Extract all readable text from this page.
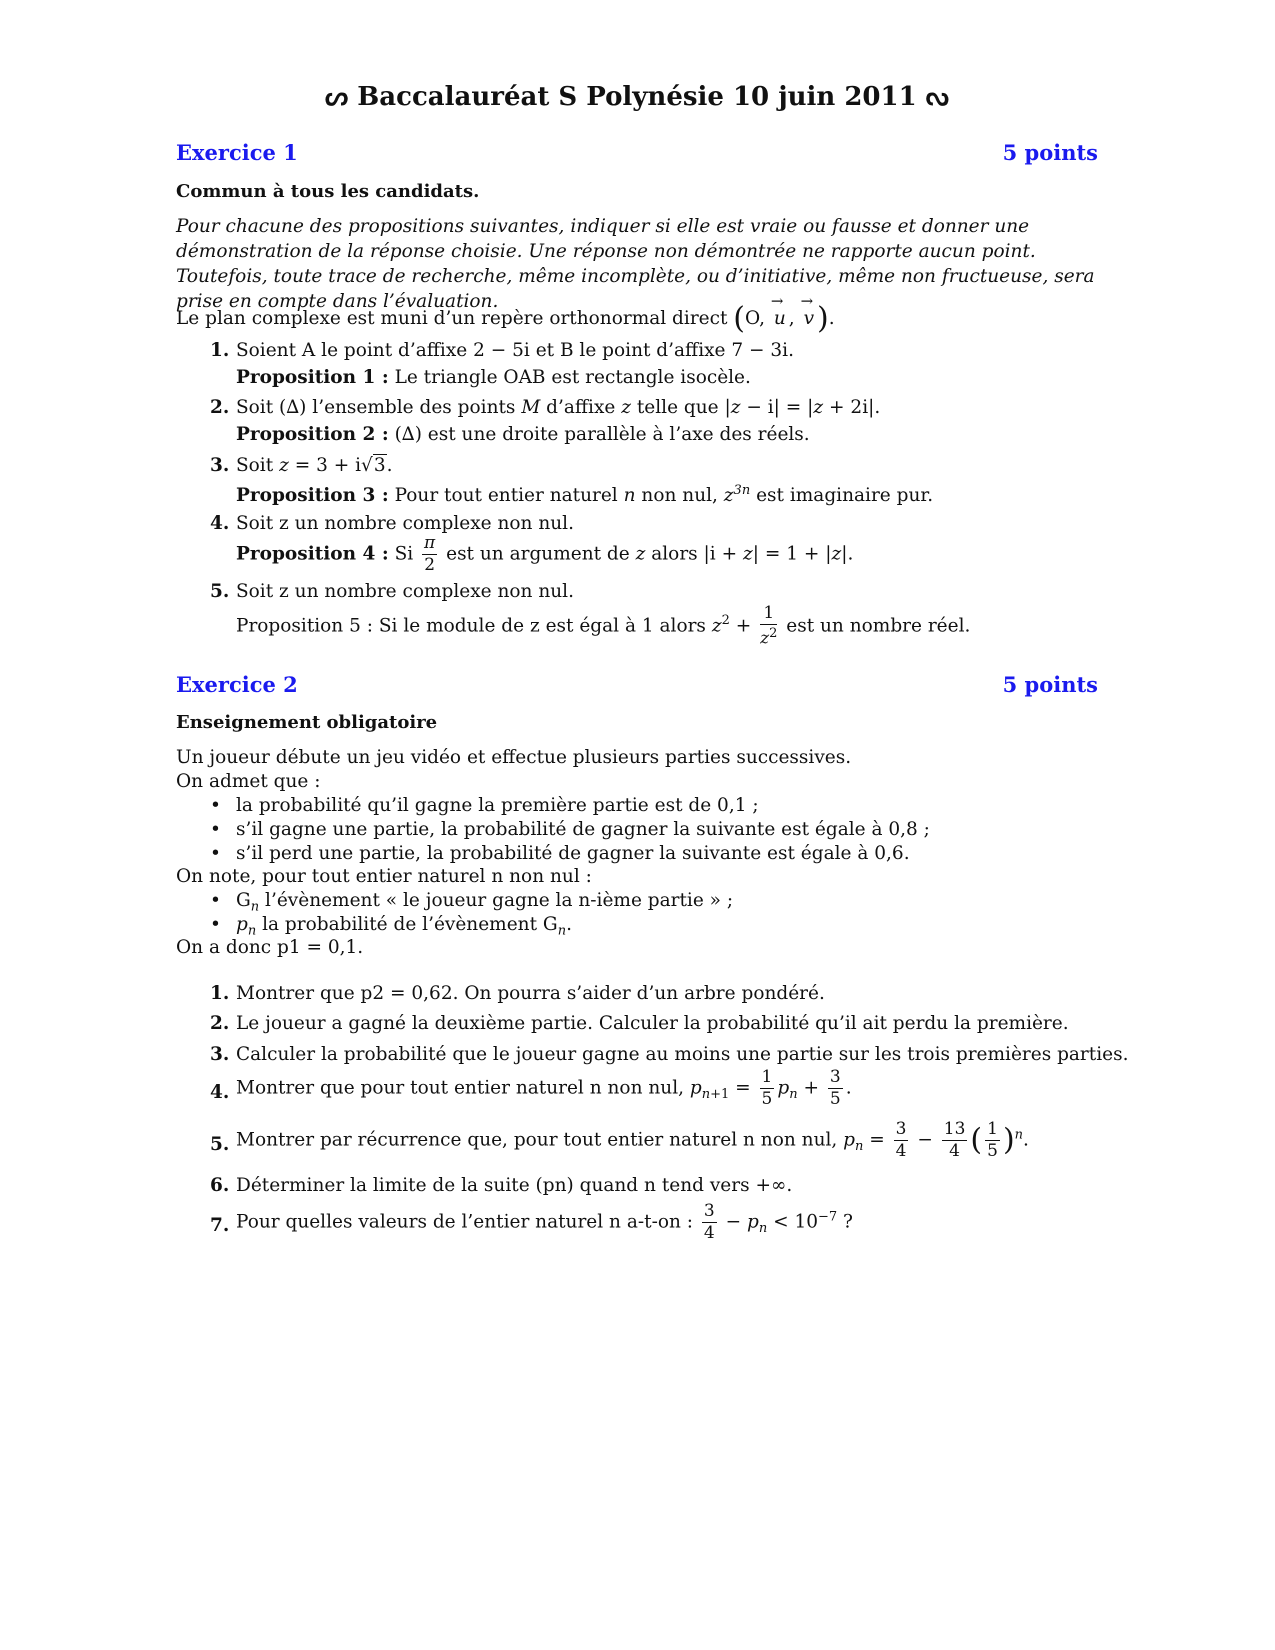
ᔕ Baccalauréat S Polynésie 10 juin 2011 ᔓ
Exercice 1	5 points
Commun à tous les candidats.
Pour chacune des propositions suivantes, indiquer si elle est vraie ou fausse et donner une démonstration de la réponse choisie. Une réponse non démontrée ne rapporte aucun point. Toutefois, toute trace de recherche, même incomplète, ou d’initiative, même non fructueuse, sera prise en compte dans l’évaluation.
Le plan complexe est muni d’un repère orthonormal direct (O, → u , → v ).
1. Soient A le point d’affixe 2 − 5i et B le point d’affixe 7 − 3i.
Proposition 1 : Le triangle OAB est rectangle isocèle.
2. Soit (∆) l’ensemble des points M d’affixe z telle que |z − i| = |z + 2i|.
Proposition 2 : (∆) est une droite parallèle à l’axe des réels.
3. Soit z = 3 + i√3.
Proposition 3 : Pour tout entier naturel n non nul, $z^{3n}$ est imaginaire pur.
4. Soit z un nombre complexe non nul.
Proposition 4 : Si $\frac{\pi}{2}$ est un argument de z alors |i + z| = 1 + |z|.
5. Soit z un nombre complexe non nul.
Proposition 5 : Si le module de z est égal à 1 alors $z^2 + \frac{1}{z^2}$ est un nombre réel.
Exercice 2	5 points
Enseignement obligatoire
Un joueur débute un jeu vidéo et effectue plusieurs parties successives.
On admet que :
• la probabilité qu’il gagne la première partie est de 0,1 ;
• s’il gagne une partie, la probabilité de gagner la suivante est égale à 0,8 ;
• s’il perd une partie, la probabilité de gagner la suivante est égale à 0,6.
On note, pour tout entier naturel n non nul :
• $G_n$ l’évènement « le joueur gagne la n-ième partie » ;
• $p_n$ la probabilité de l’évènement $G_n$.
On a donc p1 = 0,1.
1. Montrer que p2 = 0,62. On pourra s’aider d’un arbre pondéré.
2. Le joueur a gagné la deuxième partie. Calculer la probabilité qu’il ait perdu la première.
3. Calculer la probabilité que le joueur gagne au moins une partie sur les trois premières parties.
4. Montrer que pour tout entier naturel n non nul, $p_{n+1} = \frac{1}{5} p_n + \frac{3}{5}$ .
5. Montrer par récurrence que, pour tout entier naturel n non nul, $p_n = \frac{3}{4} - \frac{13}{4}$ ( $\frac{1}{5} )^n$.
6. Déterminer la limite de la suite (pn) quand n tend vers +∞.
7. Pour quelles valeurs de l’entier naturel n a-t-on : $\frac{3}{4} - p_n < 10^{-7}$ ?
